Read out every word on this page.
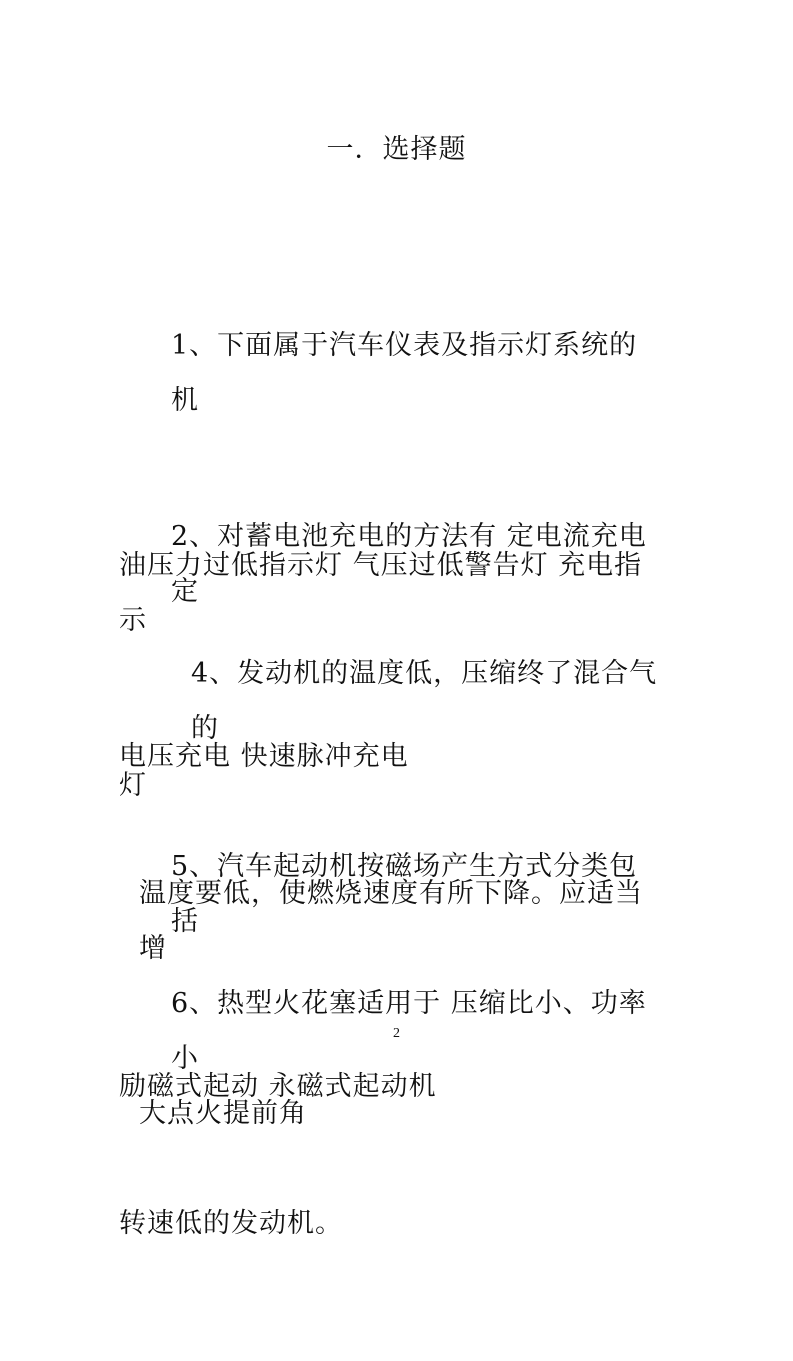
一．选择题

1、下面属于汽车仪表及指示灯系统的 机

油压力过低指示灯 气压过低警告灯 充电指示

灯

2、对蓄电池充电的方法有 定电流充电 定

电压充电 快速脉冲充电

4、发动机的温度低，压缩终了混合气的

温度要低，使燃烧速度有所下降。应适当增

大点火提前角

5、汽车起动机按磁场产生方式分类包括

励磁式起动 永磁式起动机

6、热型火花塞适用于 压缩比小、功率小

转速低的发动机。

2
